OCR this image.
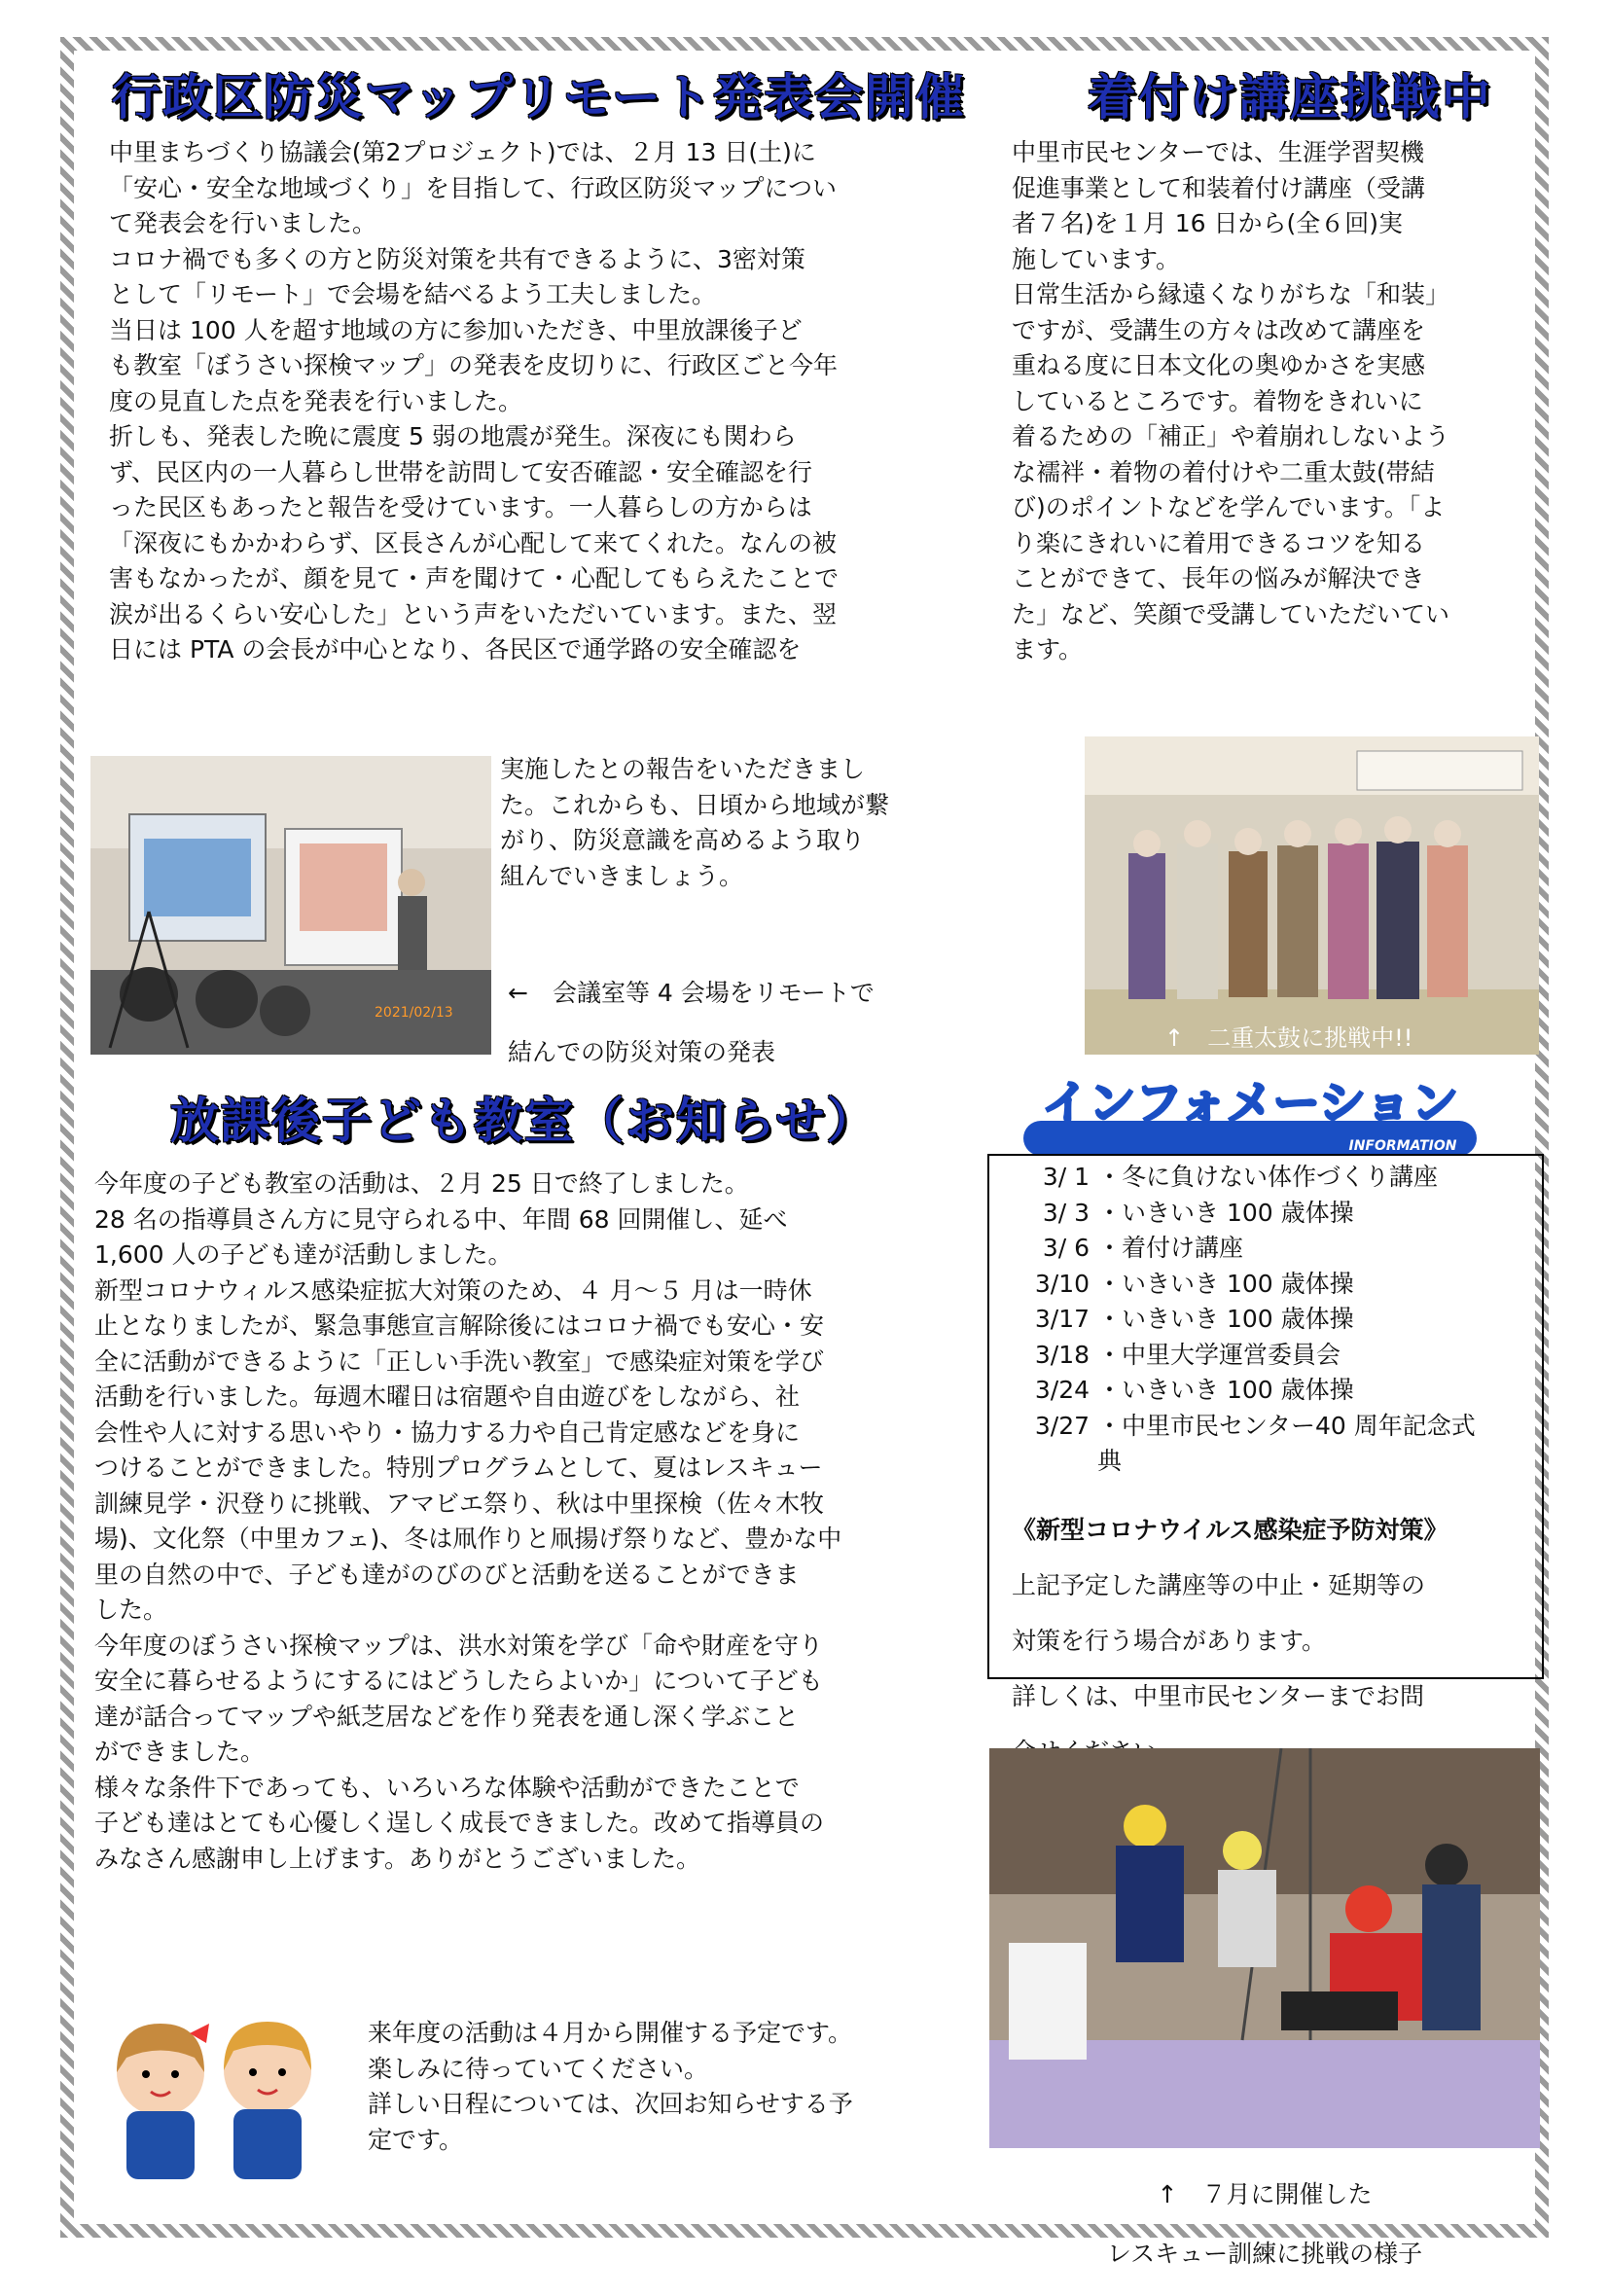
行政区防災マップリモート発表会開催

中里まちづくり協議会(第2プロジェクト)では、２月 13 日(土)に

「安心・安全な地域づくり」を目指して、行政区防災マップについ

て発表会を行いました。

コロナ禍でも多くの方と防災対策を共有できるように、3密対策

として「リモート」で会場を結べるよう工夫しました。

当日は 100 人を超す地域の方に参加いただき、中里放課後子ど

も教室「ぼうさい探検マップ」の発表を皮切りに、行政区ごと今年

度の見直した点を発表を行いました。

折しも、発表した晩に震度 5 弱の地震が発生。深夜にも関わら

ず、民区内の一人暮らし世帯を訪問して安否確認・安全確認を行

った民区もあったと報告を受けています。一人暮らしの方からは

「深夜にもかかわらず、区長さんが心配して来てくれた。なんの被

害もなかったが、顔を見て・声を聞けて・心配してもらえたことで

涙が出るくらい安心した」という声をいただいています。また、翌

日には PTA の会長が中心となり、各民区で通学路の安全確認を

2021/02/13

実施したとの報告をいただきまし

た。これからも、日頃から地域が繋

がり、防災意識を高めるよう取り

組んでいきましょう。

←　会議室等 4 会場をリモートで

結んでの防災対策の発表

着付け講座挑戦中

中里市民センターでは、生涯学習契機

促進事業として和装着付け講座（受講

者７名)を１月 16 日から(全６回)実

施しています。

日常生活から縁遠くなりがちな「和装」

ですが、受講生の方々は改めて講座を

重ねる度に日本文化の奥ゆかさを実感

しているところです。着物をきれいに

着るための「補正」や着崩れしないよう

な襦袢・着物の着付けや二重太鼓(帯結

び)のポイントなどを学んでいます。「よ

り楽にきれいに着用できるコツを知る

ことができて、長年の悩みが解決でき

た」など、笑顔で受講していただいてい

ます。

↑　二重太鼓に挑戦中!!
放課後子ども教室（お知らせ）

今年度の子ども教室の活動は、２月 25 日で終了しました。

28 名の指導員さん方に見守られる中、年間 68 回開催し、延べ

1,600 人の子ども達が活動しました。

新型コロナウィルス感染症拡大対策のため、４ 月～５ 月は一時休

止となりましたが、緊急事態宣言解除後にはコロナ禍でも安心・安

全に活動ができるように「正しい手洗い教室」で感染症対策を学び

活動を行いました。毎週木曜日は宿題や自由遊びをしながら、社

会性や人に対する思いやり・協力する力や自己肯定感などを身に

つけることができました。特別プログラムとして、夏はレスキュー

訓練見学・沢登りに挑戦、アマビエ祭り、秋は中里探検（佐々木牧

場)、文化祭（中里カフェ)、冬は凧作りと凧揚げ祭りなど、豊かな中

里の自然の中で、子ども達がのびのびと活動を送ることができま

した。

今年度のぼうさい探検マップは、洪水対策を学び「命や財産を守り

安全に暮らせるようにするにはどうしたらよいか」について子ども

達が話合ってマップや紙芝居などを作り発表を通し深く学ぶこと

ができました。

様々な条件下であっても、いろいろな体験や活動ができたことで

子ども達はとても心優しく逞しく成長できました。改めて指導員の

みなさん感謝申し上げます。ありがとうございました。

来年度の活動は４月から開催する予定です。

楽しみに待っていてください。

詳しい日程については、次回お知らせする予

定です。

インフォメーション
INFORMATION
3/ 1 ・冬に負けない体作づくり講座
3/ 3 ・いきいき 100 歳体操
3/ 6 ・着付け講座
3/10 ・いきいき 100 歳体操
3/17 ・いきいき 100 歳体操
3/18 ・中里大学運営委員会
3/24 ・いきいき 100 歳体操
3/27 ・中里市民センター40 周年記念式典
《新型コロナウイルス感染症予防対策》

上記予定した講座等の中止・延期等の

対策を行う場合があります。

詳しくは、中里市民センターまでお問

↑　７月に開催した

レスキュー訓練に挑戦の様子
